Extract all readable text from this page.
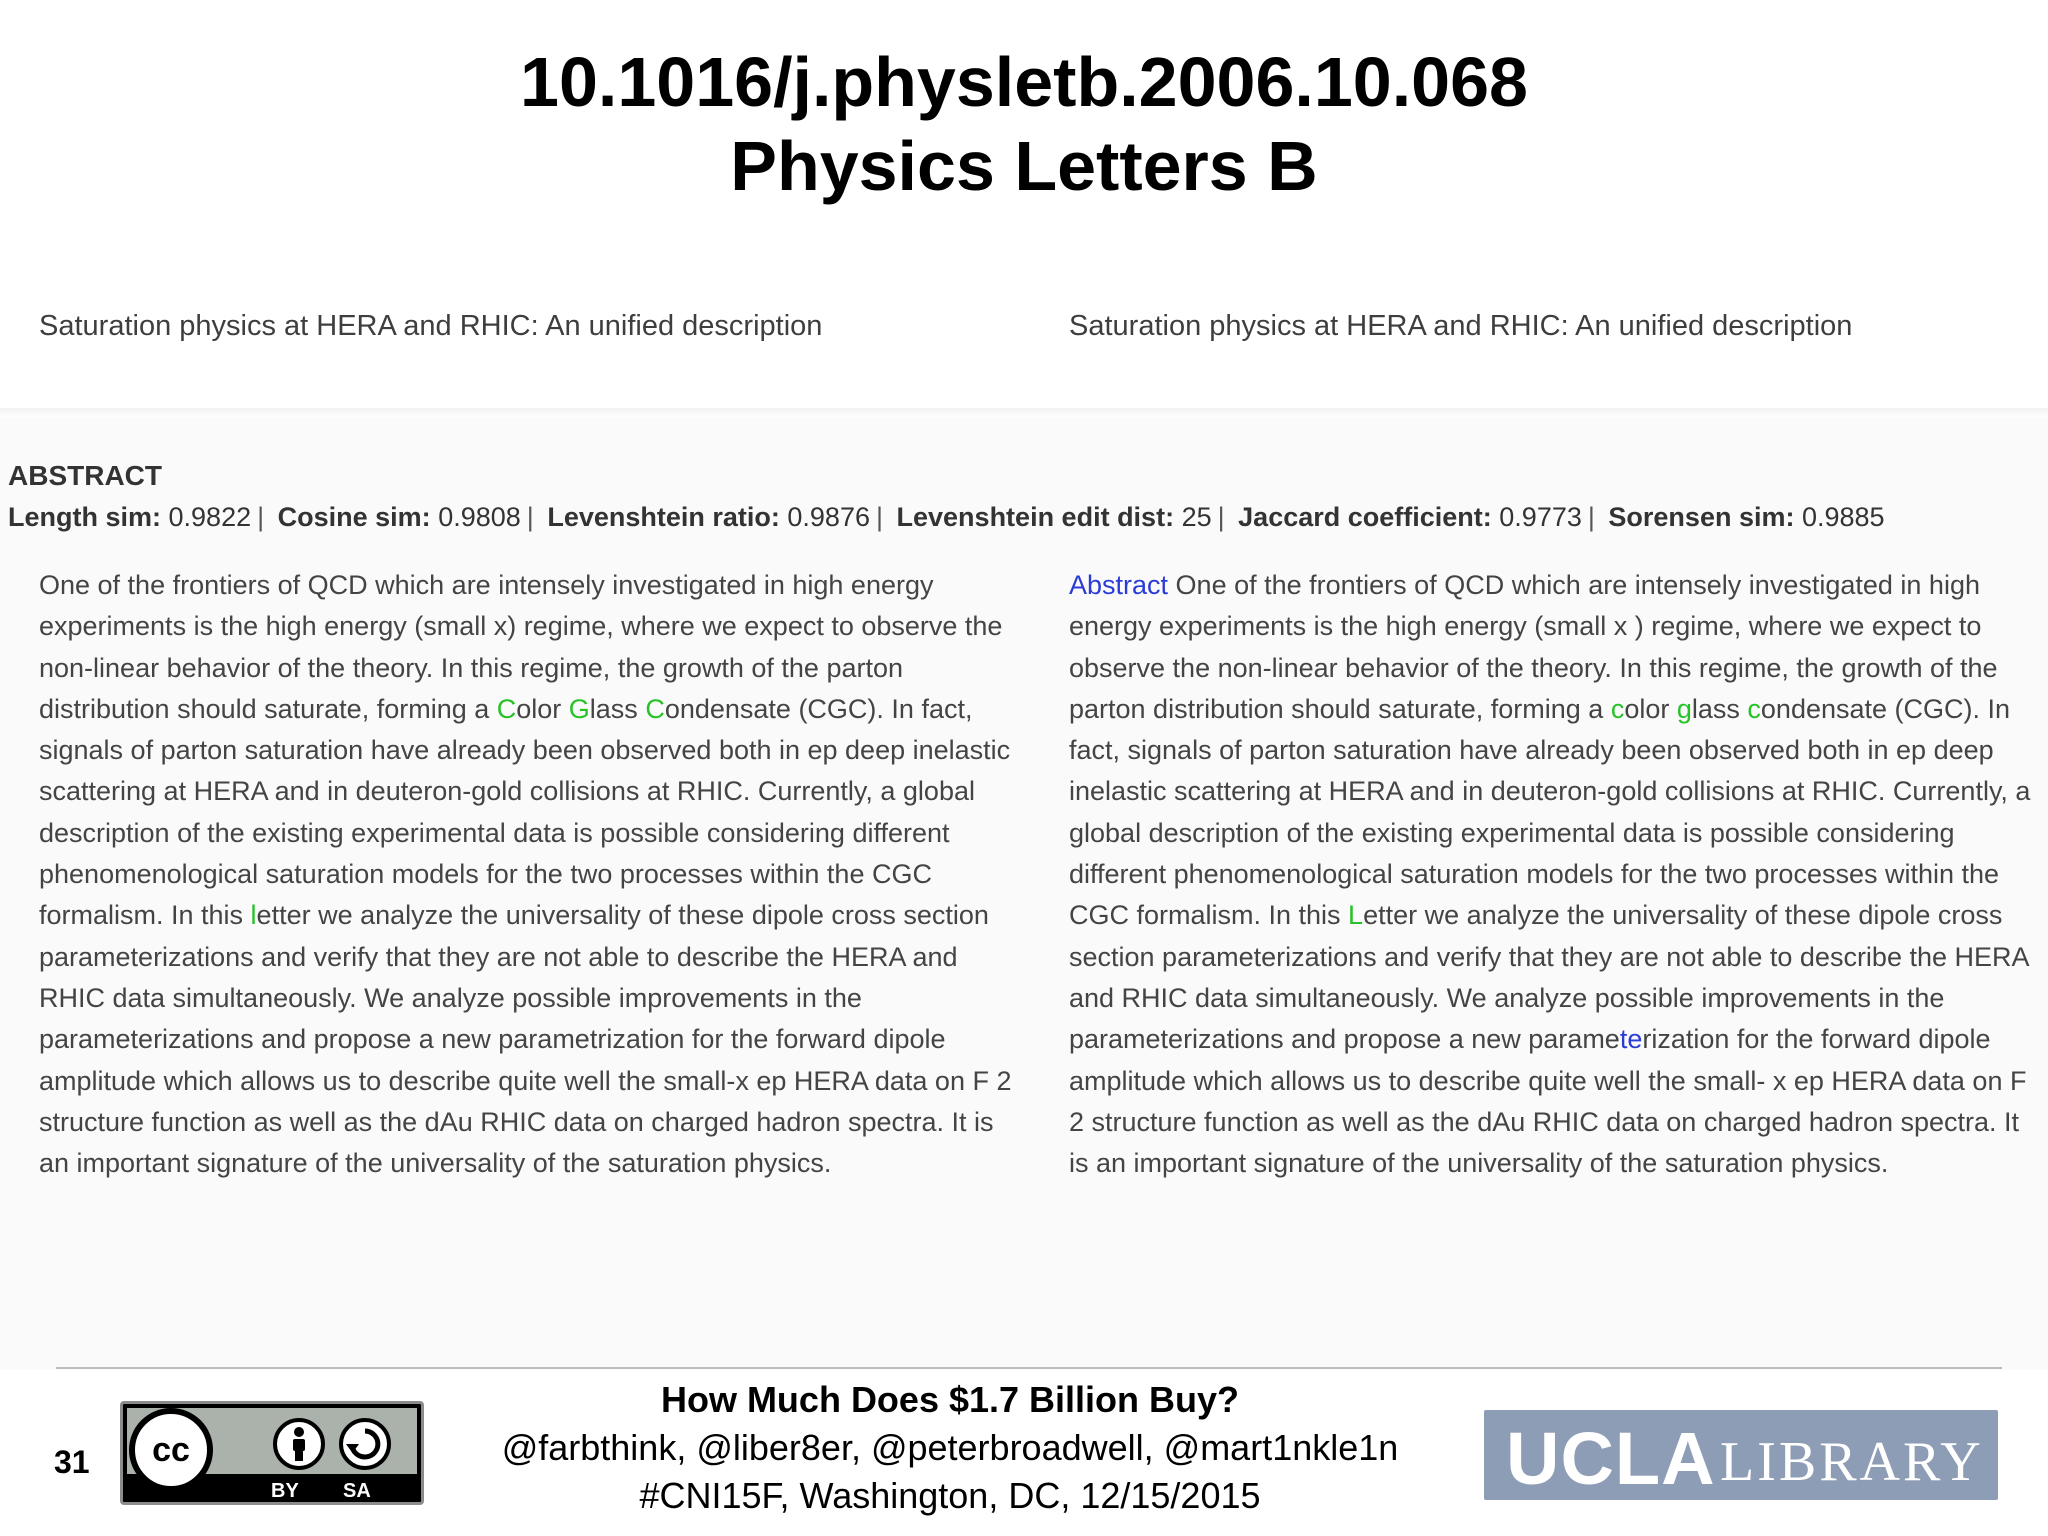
10.1016/j.physletb.2006.10.068
Physics Letters B
Saturation physics at HERA and RHIC: An unified description	Saturation physics at HERA and RHIC: An unified description
ABSTRACT
Length sim: 0.9822 | Cosine sim: 0.9808 | Levenshtein ratio: 0.9876 | Levenshtein edit dist: 25 | Jaccard coefficient: 0.9773 | Sorensen sim: 0.9885
One of the frontiers of QCD which are intensely investigated in high energy experiments is the high energy (small x) regime, where we expect to observe the non-linear behavior of the theory. In this regime, the growth of the parton distribution should saturate, forming a Color Glass Condensate (CGC). In fact, signals of parton saturation have already been observed both in ep deep inelastic scattering at HERA and in deuteron-gold collisions at RHIC. Currently, a global description of the existing experimental data is possible considering different phenomenological saturation models for the two processes within the CGC formalism. In this letter we analyze the universality of these dipole cross section parameterizations and verify that they are not able to describe the HERA and RHIC data simultaneously. We analyze possible improvements in the parameterizations and propose a new parametrization for the forward dipole amplitude which allows us to describe quite well the small-x ep HERA data on F 2 structure function as well as the dAu RHIC data on charged hadron spectra. It is an important signature of the universality of the saturation physics.
Abstract One of the frontiers of QCD which are intensely investigated in high energy experiments is the high energy (small x ) regime, where we expect to observe the non-linear behavior of the theory. In this regime, the growth of the parton distribution should saturate, forming a color glass condensate (CGC). In fact, signals of parton saturation have already been observed both in ep deep inelastic scattering at HERA and in deuteron-gold collisions at RHIC. Currently, a global description of the existing experimental data is possible considering different phenomenological saturation models for the two processes within the CGC formalism. In this Letter we analyze the universality of these dipole cross section parameterizations and verify that they are not able to describe the HERA and RHIC data simultaneously. We analyze possible improvements in the parameterizations and propose a new parameterization for the forward dipole amplitude which allows us to describe quite well the small- x ep HERA data on F 2 structure function as well as the dAu RHIC data on charged hadron spectra. It is an important signature of the universality of the saturation physics.
31	cc
BY SA
How Much Does $1.7 Billion Buy?
@farbthink, @liber8er, @peterbroadwell, @mart1nkle1n
#CNI15F, Washington, DC, 12/15/2015	UCLA LIBRARY
